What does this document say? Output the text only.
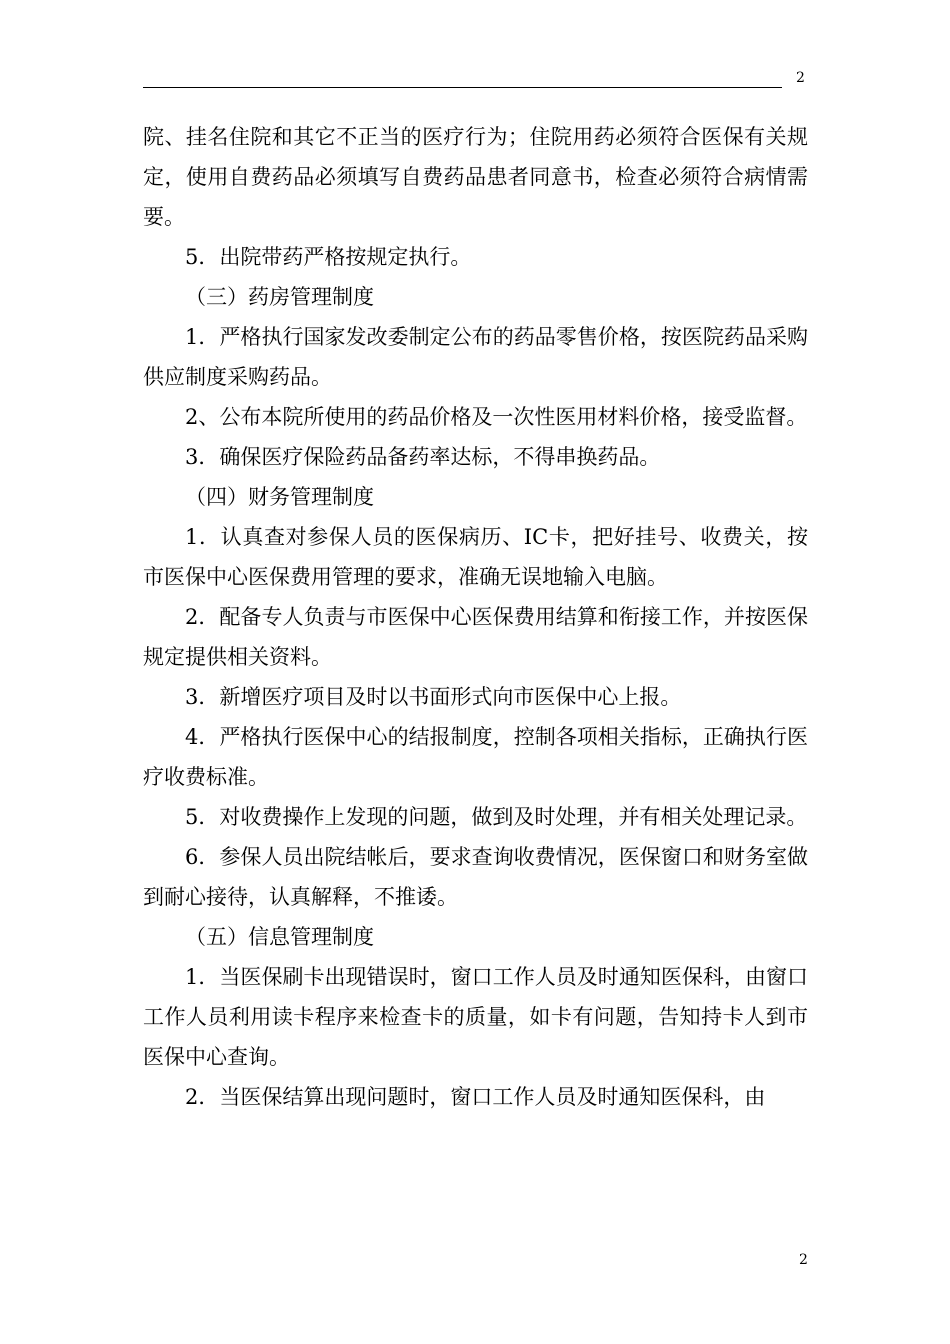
2

院、挂名住院和其它不正当的医疗行为；住院用药必须符合医保有关规定，使用自费药品必须填写自费药品患者同意书，检查必须符合病情需要。

5．出院带药严格按规定执行。

（三）药房管理制度

1．严格执行国家发改委制定公布的药品零售价格，按医院药品采购供应制度采购药品。

2、公布本院所使用的药品价格及一次性医用材料价格，接受监督。

3．确保医疗保险药品备药率达标，不得串换药品。

（四）财务管理制度

1．认真查对参保人员的医保病历、IC卡，把好挂号、收费关，按市医保中心医保费用管理的要求，准确无误地输入电脑。

2．配备专人负责与市医保中心医保费用结算和衔接工作，并按医保规定提供相关资料。

3．新增医疗项目及时以书面形式向市医保中心上报。

4．严格执行医保中心的结报制度，控制各项相关指标，正确执行医疗收费标准。

5．对收费操作上发现的问题，做到及时处理，并有相关处理记录。

6．参保人员出院结帐后，要求查询收费情况，医保窗口和财务室做到耐心接待，认真解释，不推诿。

（五）信息管理制度

1．当医保刷卡出现错误时，窗口工作人员及时通知医保科，由窗口工作人员利用读卡程序来检查卡的质量，如卡有问题，告知持卡人到市医保中心查询。

2．当医保结算出现问题时，窗口工作人员及时通知医保科，由

2
